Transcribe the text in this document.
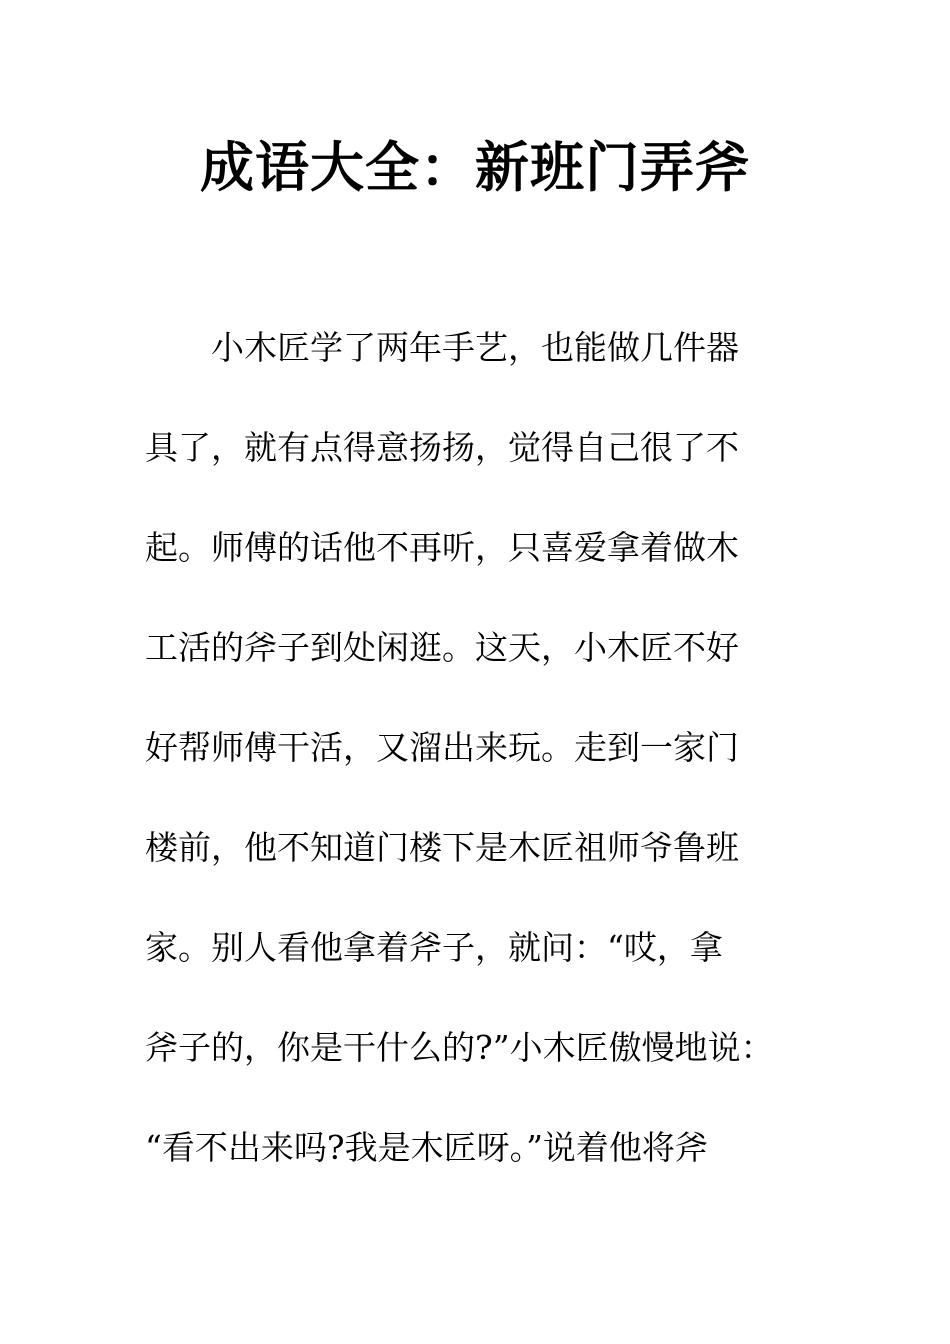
成语大全：新班门弄斧
　　小木匠学了两年手艺，也能做几件器
具了，就有点得意扬扬，觉得自己很了不
起。师傅的话他不再听，只喜爱拿着做木
工活的斧子到处闲逛。这天，小木匠不好
好帮师傅干活，又溜出来玩。走到一家门
楼前，他不知道门楼下是木匠祖师爷鲁班
家。别人看他拿着斧子，就问：“哎，拿
斧子的，你是干什么的?”小木匠傲慢地说：
“看不出来吗?我是木匠呀。”说着他将斧
